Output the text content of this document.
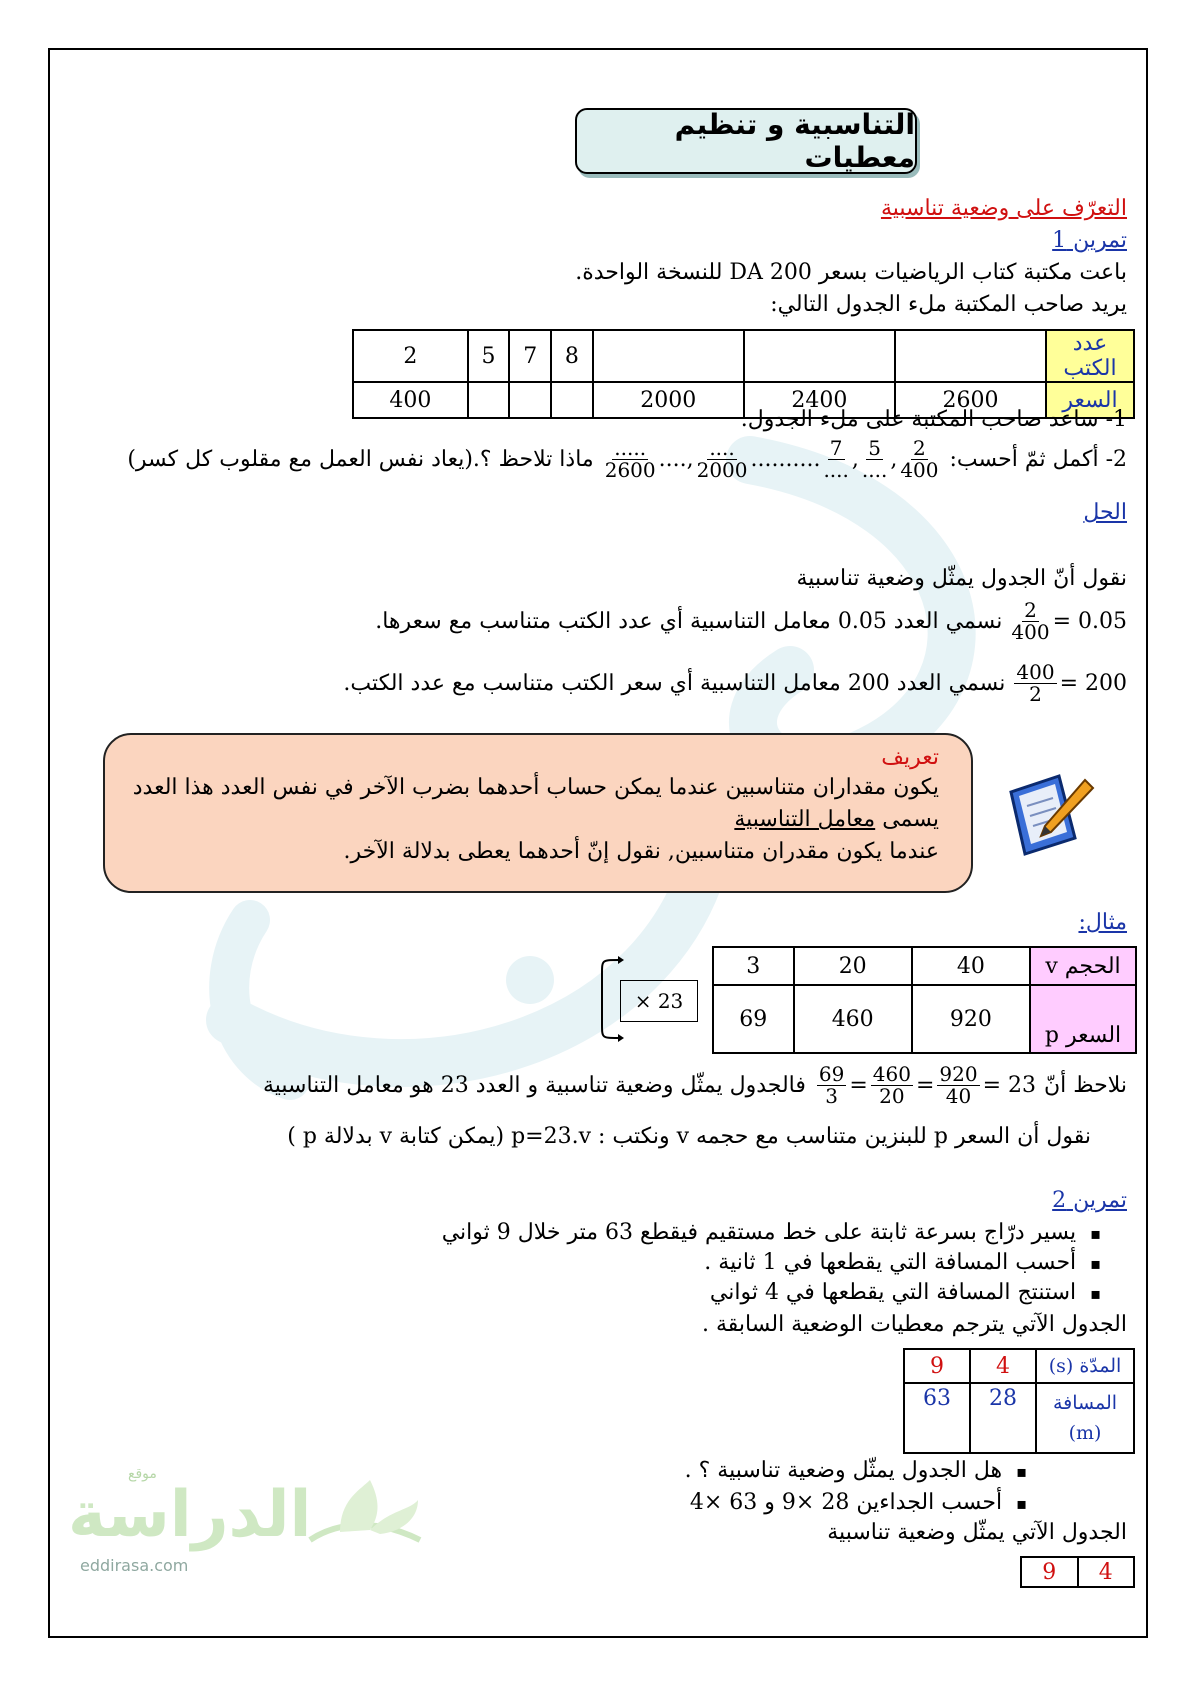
التناسبية و تنظيم معطيات
التعرّف على وضعية تناسبية
تمرين 1
باعت مكتبة كتاب الرياضيات بسعر DA 200 للنسخة الواحدة.
يريد صاحب المكتبة ملء الجدول التالي:
عدد الكتب				8	7	5	2
السعر	2600	2400	2000				400
1- ساعد صاحب المكتبة على ملء الجدول.
2- أكمل ثمّ أحسب:
$\frac{.....}{2600}$ ...., $\frac{....}{2000}$ .......... $\frac{7}{....}$ , $\frac{5}{....}$ , $\frac{2}{400}$
ماذا تلاحظ ؟.(يعاد نفس العمل مع مقلوب كل كسر)
الحل
نقول أنّ الجدول يمثّل وضعية تناسبية
$\frac{2}{400} = 0.05$
نسمي العدد 0.05 معامل التناسبية أي عدد الكتب متناسب مع سعرها.
$\frac{400}{2} = 200$
نسمي العدد 200 معامل التناسبية أي سعر الكتب متناسب مع عدد الكتب.
تعريف
يكون مقداران متناسبين عندما يمكن حساب أحدهما بضرب الآخر في نفس العدد هذا العدد
يسمى معامل التناسبية
عندما يكون مقدران متناسبين, نقول إنّ أحدهما يعطى بدلالة الآخر.
مثال:
الحجم v	40	20	3
السعر p	920	460	69
× 23
نلاحظ أنّ
$\frac{69}{3} = \frac{460}{20} = \frac{920}{40} = 23$
فالجدول يمثّل وضعية تناسبية و العدد 23 هو معامل التناسبية
نقول أن السعر p للبنزين متناسب مع حجمه v ونكتب : p=23.v (يمكن كتابة v بدلالة p )
تمرين 2
▪ يسير درّاج بسرعة ثابتة على خط مستقيم فيقطع 63 متر خلال 9 ثواني
▪ أحسب المسافة التي يقطعها في 1 ثانية .
▪ استنتج المسافة التي يقطعها في 4 ثواني
الجدول الآتي يترجم معطيات الوضعية السابقة .
المدّة (s)	4	9
المسافة
(m)	28	63
▪ هل الجدول يمثّل وضعية تناسبية ؟ .
▪ أحسب الجداءين 28 ×9 و 63 ×4
الجدول الآتي يمثّل وضعية تناسبية
4	9
موقع
الدراسة
eddirasa.com
